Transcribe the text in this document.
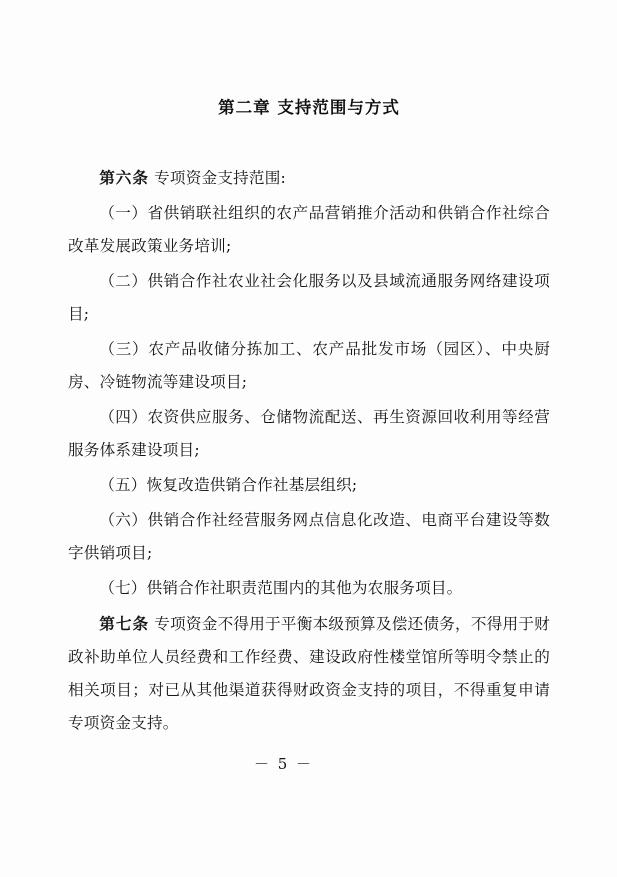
第二章 支持范围与方式

第六条 专项资金支持范围:

（一）省供销联社组织的农产品营销推介活动和供销合作社综合改革发展政策业务培训;

（二）供销合作社农业社会化服务以及县域流通服务网络建设项目;

（三）农产品收储分拣加工、农产品批发市场（园区）、中央厨房、冷链物流等建设项目;

（四）农资供应服务、仓储物流配送、再生资源回收利用等经营服务体系建设项目;

（五）恢复改造供销合作社基层组织;

（六）供销合作社经营服务网点信息化改造、电商平台建设等数字供销项目;

（七）供销合作社职责范围内的其他为农服务项目。

第七条 专项资金不得用于平衡本级预算及偿还债务，不得用于财政补助单位人员经费和工作经费、建设政府性楼堂馆所等明令禁止的相关项目；对已从其他渠道获得财政资金支持的项目，不得重复申请专项资金支持。

－ 5 －
